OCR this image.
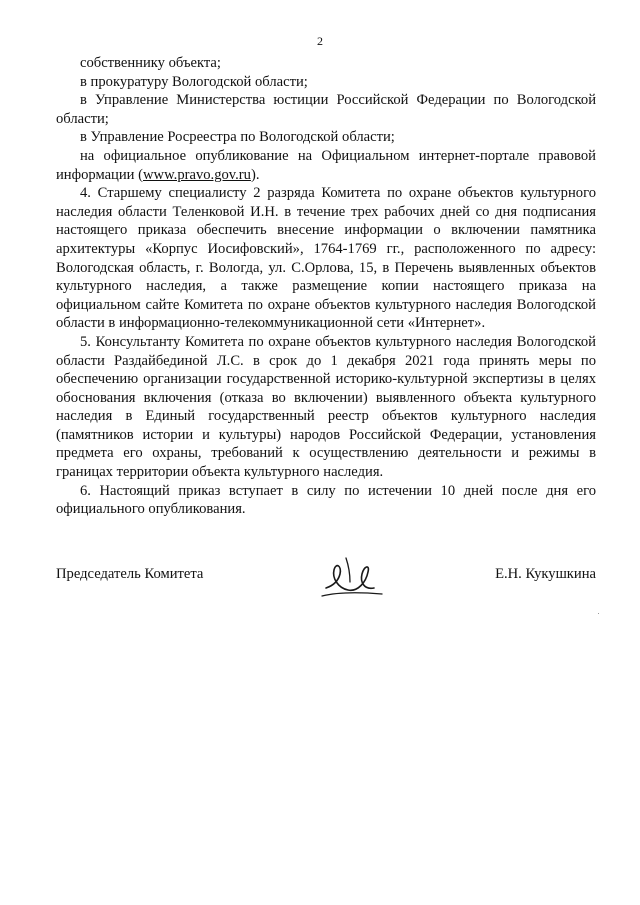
2

собственнику объекта;

в прокуратуру Вологодской области;

в Управление Министерства юстиции Российской Федерации по Вологодской области;

в Управление Росреестра по Вологодской области;

на официальное опубликование на Официальном интернет-портале правовой информации (www.pravo.gov.ru).

4. Старшему специалисту 2 разряда Комитета по охране объектов культурного наследия области Теленковой И.Н. в течение трех рабочих дней со дня подписания настоящего приказа обеспечить внесение информации о включении памятника архитектуры «Корпус Иосифовский», 1764-1769 гг., расположенного по адресу: Вологодская область, г. Вологда, ул. С.Орлова, 15, в Перечень выявленных объектов культурного наследия, а также размещение копии настоящего приказа на официальном сайте Комитета по охране объектов культурного наследия Вологодской области в информационно-телекоммуникационной сети «Интернет».

5. Консультанту Комитета по охране объектов культурного наследия Вологодской области Раздайбединой Л.С. в срок до 1 декабря 2021 года принять меры по обеспечению организации государственной историко-культурной экспертизы в целях обоснования включения (отказа во включении) выявленного объекта культурного наследия в Единый государственный реестр объектов культурного наследия (памятников истории и культуры) народов Российской Федерации, установления предмета его охраны, требований к осуществлению деятельности и режимы в границах территории объекта культурного наследия.

6. Настоящий приказ вступает в силу по истечении 10 дней после дня его официального опубликования.

Председатель Комитета	Е.Н. Кукушкина
